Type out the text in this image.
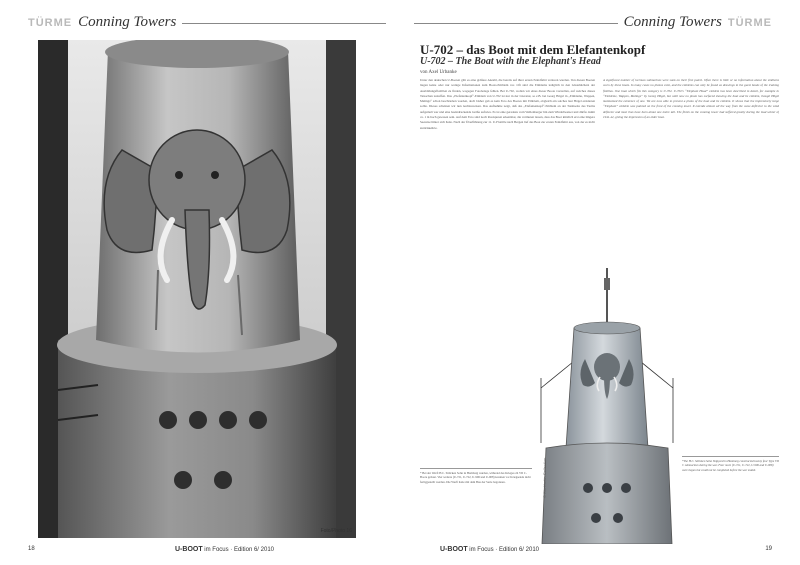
TÜRME Conning Towers
Foto/Photo 16
18	U-BOOT im Focus · Edition 6/ 2010
Conning Towers TÜRME
U-702 – das Boot mit dem Elefantenkopf
U-702 – The Boat with the Elephant's Head
von Axel Urbanke
Unter den deutschen U-Booten gibt es eine größere Anzahl, die bereits auf ihrer ersten Feindfahrt verloren wurden. Von diesen Booten liegen keine oder nur wenige Informationen zum Boots-Emblem vor. Oft sind die Emblems lediglich in den Gästebüchern der Ausbildungsflottillen zu finden, wogegen Fotobelege fehlen. Bei U-702, wollen wir eines dieser Boote vorstellen, auf welches dieses Tatsachen zutreffen. Das „Elefantenkopf“-Emblem von U-702 ist nur in der Literatur, so z.B. bei Georg Högel in „Embleme, Wappen, Malings“ schon beschrieben worden, doch bisher gab es kein Foto des Bootes mit Emblem, obgleich ein solches laut Högel existieren sollte. Dieses scheinen wir nun nachzuweisen. Das Aufnahme zeigt, daß das „Elefantenkopf“-Emblem an der Turmseite des Turms aufgemalt war und eine beeindruckende Größe aufwies. Es ist eine geradezu vom Wellenberger hin zum Windabweiser und dürfte damit ca. 1 m hoch gewesen sein. Auf dem Foto sind noch Rostspuren erkennbar, die vermuten lassen, dass das Boot kürzlich erst eine längere Seereise hinter sich hatte. Nach der Überführung zur 11. U-Flottille nach Bergen lief das Boot zur ersten Feindfahrt aus, von der es nicht zurückkehrte.
A significant number of German submarines were sunk on their first patrol. Often there is little or no information about the emblems worn by these boats. In many cases no photos exist, and the emblems can only be found as drawings in the guest books of the training flotillas. One boat which fits this category is U-702. U-702's “Elephant Head” emblem has been described in detail, for example in “Embleme, Wappen, Malings” by Georg Högel, but until now no photo has surfaced showing the boat and its emblem, though Högel maintained the existence of one. We are now able to present a photo of the boat and its emblem. It shows that the impressively large “Elephant” emblem was painted on the front of the conning tower. It extends almost all the way from the wave deflector to the wind deflector and must thus have been about one metre tall. The finish on the conning tower had suffered greatly during the lead winter of 1941-42, giving the impression of an older boat.
* Bei der Werft H.C. Stülcken Sohn in Hamburg wurden, während des Krieges 24 VII C-Boote gebaut. Vier weitere (U-721, U-722, U-906 und U-908) konnten vor Kriegsende nicht fertiggestellt werden. Die Werft hatte mit dem Bau der Serie begonnen.
*The H.C. Stülcken Sohn Shipyard in Hamburg constructed twenty four Type VII C submarines during the war. Four more (U-721, U-722, U-906 and U-908) were begun but could not be completed before the war ended.
© Rio Kurtin Collection
U-BOOT im Focus · Edition 6/ 2010	19
